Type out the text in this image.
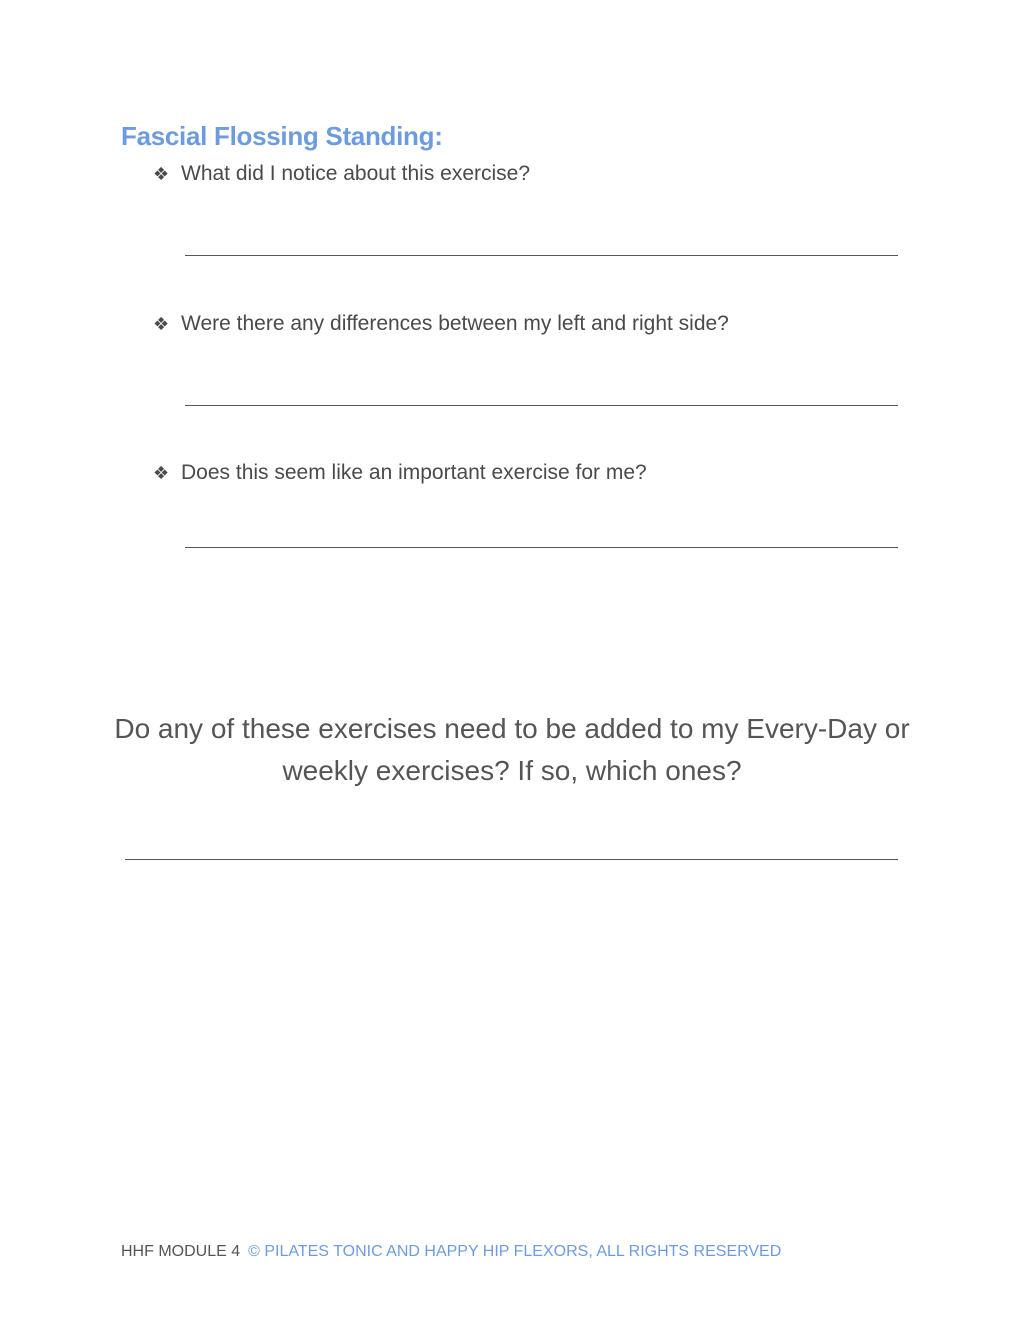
Fascial Flossing Standing:
❖ What did I notice about this exercise?
❖ Were there any differences between my left and right side?
❖ Does this seem like an important exercise for me?
Do any of these exercises need to be added to my Every-Day or
weekly exercises? If so, which ones?
HHF MODULE 4 © PILATES TONIC AND HAPPY HIP FLEXORS, ALL RIGHTS RESERVED
